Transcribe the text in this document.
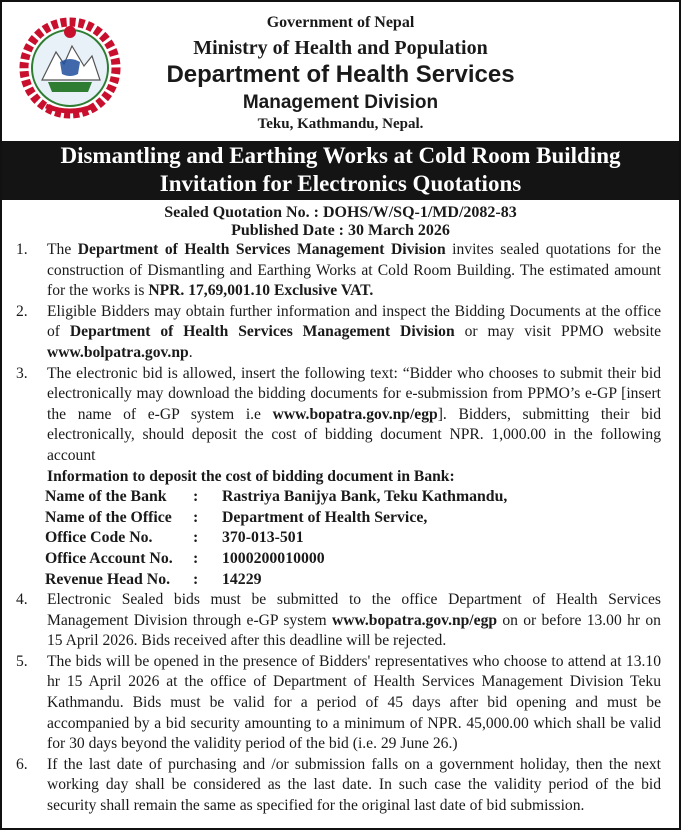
Government of Nepal
Ministry of Health and Population
Department of Health Services
Management Division
Teku, Kathmandu, Nepal.
Dismantling and Earthing Works at Cold Room Building
Invitation for Electronics Quotations
Sealed Quotation No. : DOHS/W/SQ-1/MD/2082-83
Published Date : 30 March 2026
1.	The Department of Health Services Management Division invites sealed quotations for the construction of Dismantling and Earthing Works at Cold Room Building. The estimated amount for the works is NPR. 17,69,001.10 Exclusive VAT.
2.	Eligible Bidders may obtain further information and inspect the Bidding Documents at the office of Department of Health Services Management Division or may visit PPMO website www.bolpatra.gov.np.
3.	The electronic bid is allowed, insert the following text: “Bidder who chooses to submit their bid electronically may download the bidding documents for e-submission from PPMO’s e-GP [insert the name of e-GP system i.e www.bopatra.gov.np/egp]. Bidders, submitting their bid electronically, should deposit the cost of bidding document NPR. 1,000.00 in the following account
Information to deposit the cost of bidding document in Bank:
Name of the Bank	:	Rastriya Banijya Bank, Teku Kathmandu,
Name of the Office	:	Department of Health Service,
Office Code No.	:	370-013-501
Office Account No.	:	1000200010000
Revenue Head No.	:	14229
4.	Electronic Sealed bids must be submitted to the office Department of Health Services Management Division through e-GP system www.bopatra.gov.np/egp on or before 13.00 hr on 15 April 2026. Bids received after this deadline will be rejected.
5.	The bids will be opened in the presence of Bidders' representatives who choose to attend at 13.10 hr 15 April 2026 at the office of Department of Health Services Management Division Teku Kathmandu. Bids must be valid for a period of 45 days after bid opening and must be accompanied by a bid security amounting to a minimum of NPR. 45,000.00 which shall be valid for 30 days beyond the validity period of the bid (i.e. 29 June 26.)
6.	If the last date of purchasing and /or submission falls on a government holiday, then the next working day shall be considered as the last date. In such case the validity period of the bid security shall remain the same as specified for the original last date of bid submission.
